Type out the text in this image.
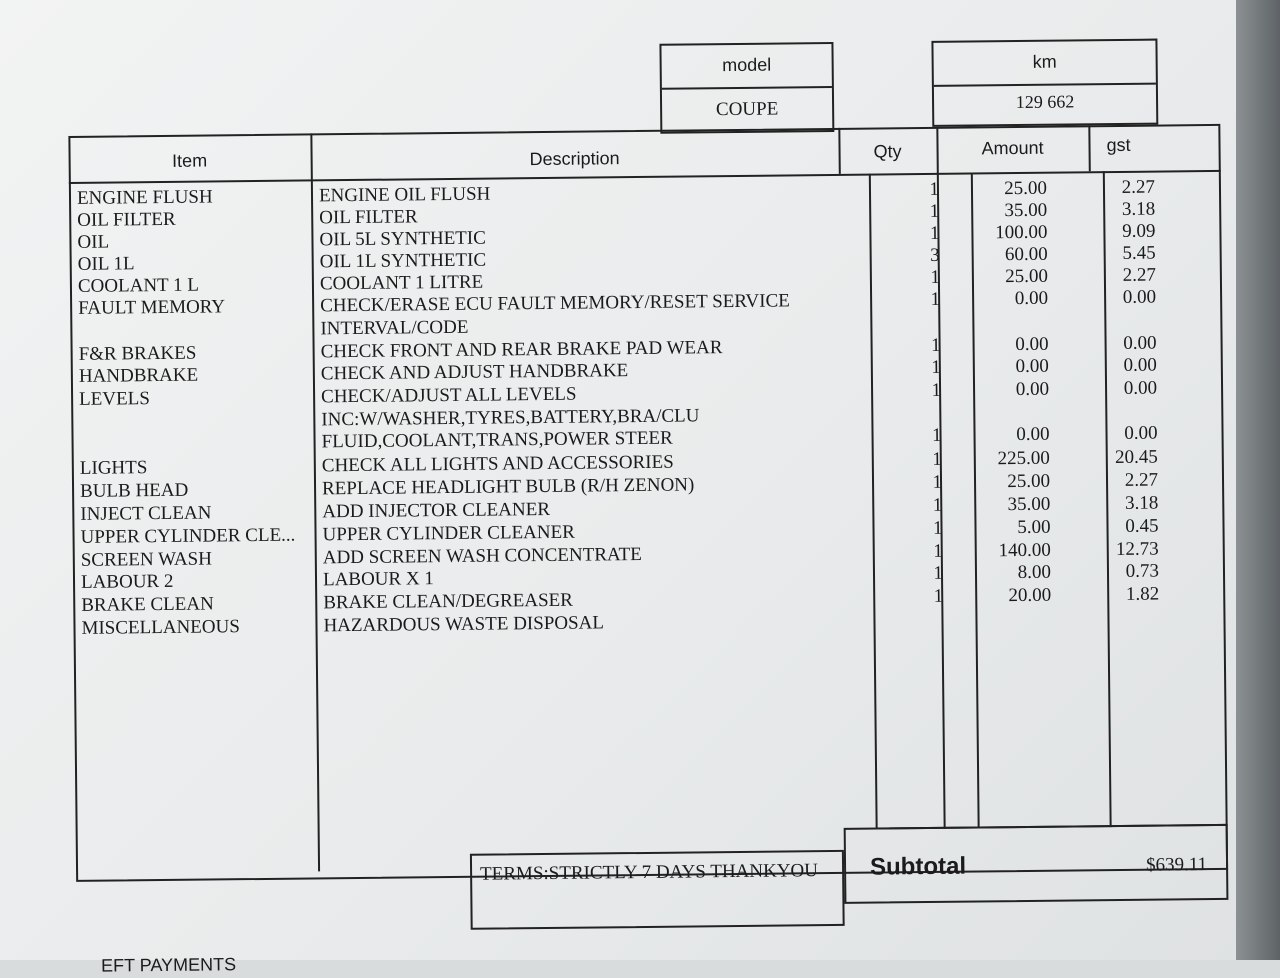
model
COUPE
km
129 662
Item	Description	Qty	Amount	gst
ENGINE FLUSH	ENGINE OIL FLUSH	1	25.00	2.27
OIL FILTER	OIL FILTER	1	35.00	3.18
OIL	OIL 5L SYNTHETIC	1	100.00	9.09
OIL 1L	OIL 1L SYNTHETIC	3	60.00	5.45
COOLANT 1 L	COOLANT 1 LITRE	1	25.00	2.27
FAULT MEMORY	CHECK/ERASE ECU FAULT MEMORY/RESET SERVICE	1	0.00	0.00
INTERVAL/CODE
F&R BRAKES	CHECK FRONT AND REAR BRAKE PAD WEAR	1	0.00	0.00
HANDBRAKE	CHECK AND ADJUST HANDBRAKE	1	0.00	0.00
LEVELS	CHECK/ADJUST ALL LEVELS	1	0.00	0.00
INC:W/WASHER,TYRES,BATTERY,BRA/CLU
FLUID,COOLANT,TRANS,POWER STEER	1	0.00	0.00
LIGHTS	CHECK ALL LIGHTS AND ACCESSORIES	1	225.00	20.45
BULB HEAD	REPLACE HEADLIGHT BULB (R/H ZENON)	1	25.00	2.27
INJECT CLEAN	ADD INJECTOR CLEANER	1	35.00	3.18
UPPER CYLINDER CLE...	UPPER CYLINDER CLEANER	1	5.00	0.45
SCREEN WASH	ADD SCREEN WASH CONCENTRATE	1	140.00	12.73
LABOUR 2	LABOUR X 1	1	8.00	0.73
BRAKE CLEAN	BRAKE CLEAN/DEGREASER	1	20.00	1.82
MISCELLANEOUS	HAZARDOUS WASTE DISPOSAL
TERMS:STRICTLY 7 DAYS THANKYOU Subtotal	$639.11
EFT PAYMENTS
